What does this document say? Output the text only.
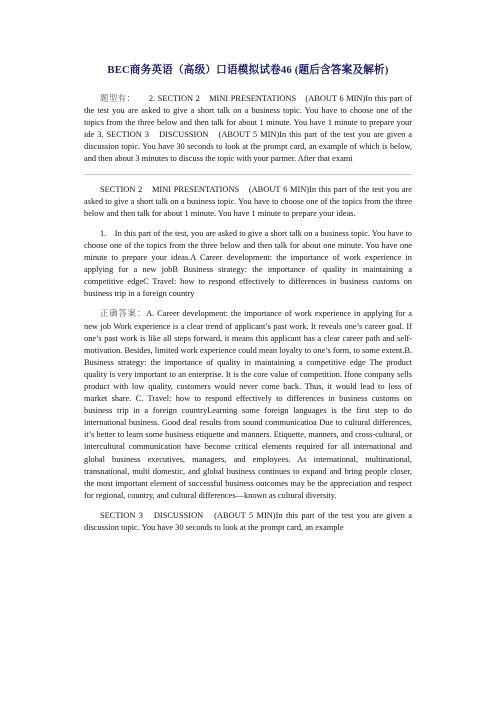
BEC商务英语（高级）口语模拟试卷46 (题后含答案及解析)

题型有：　　 2. SECTION 2　MINI PRESENTATIONS　(ABOUT 6 MIN)In this part of the test you are asked to give a short talk on a business topic. You have to choose one of the topics from the three below and then talk for about 1 minute. You have 1 minute to prepare your ide 3. SECTION 3　DISCUSSION　(ABOUT 5 MIN)In this part of the test you are given a discussion topic. You have 30 seconds to look at the prompt card, an example of which is below, and then about 3 minutes to discuss the topic with your partner. After that exami

SECTION 2　MINI PRESENTATIONS　(ABOUT 6 MIN)In this part of the test you are asked to give a short talk on a business topic. You have to choose one of the topics from the three below and then talk for about 1 minute. You have 1 minute to prepare your ideas.

1.　In this part of the test, you are asked to give a short talk on a business topic. You have to choose one of the topics from the three below and then talk for about one minute. You have one minute to prepare your ideas.A Career development: the importance of work experience in applying for a new jobB Business strategy: the importance of quality in maintaining a competitive edgeC Travel: how to respond effectively to differences in business customs on business trip in a foreign country

正确答案：A. Career development: the importance of work experience in applying for a new job Work experience is a clear trend of applicant’s past work. It reveals one’s career goal. If one’s past work is like all steps forward, it means this applicant has a clear career path and self-motivation. Besides, limited work experience could mean loyalty to one’s form, to some extent.B. Business strategy: the importance of quality in maintaining a competitive edge The product quality is very important to an enterprise. It is the core value of competition. Ifone company sells product with low quality, customers would never come back. Thus, it would lead to loss of market share. C. Travel: how to respond effectively to differences in business customs on business trip in a foreign countryLearning some foreign languages is the first step to do international business. Good deal results from sound communicatioa Due to cultural differences, it’s better to learn some business etiquette and manners. Etiquette, manners, and cross-cultural, or intercultural communication have become critical elements required for all international and global business executives, managers, and employees. As international, multinational, transnational, multi domestic, and global business continues to expand and bring people closer, the most important element of successful business outcomes may be the appreciation and respect for regional, country, and cultural differences—known as cultural diversity.

SECTION 3　DISCUSSION　(ABOUT 5 MIN)In this part of the test you are given a discussion topic. You have 30 seconds to look at the prompt card, an example
